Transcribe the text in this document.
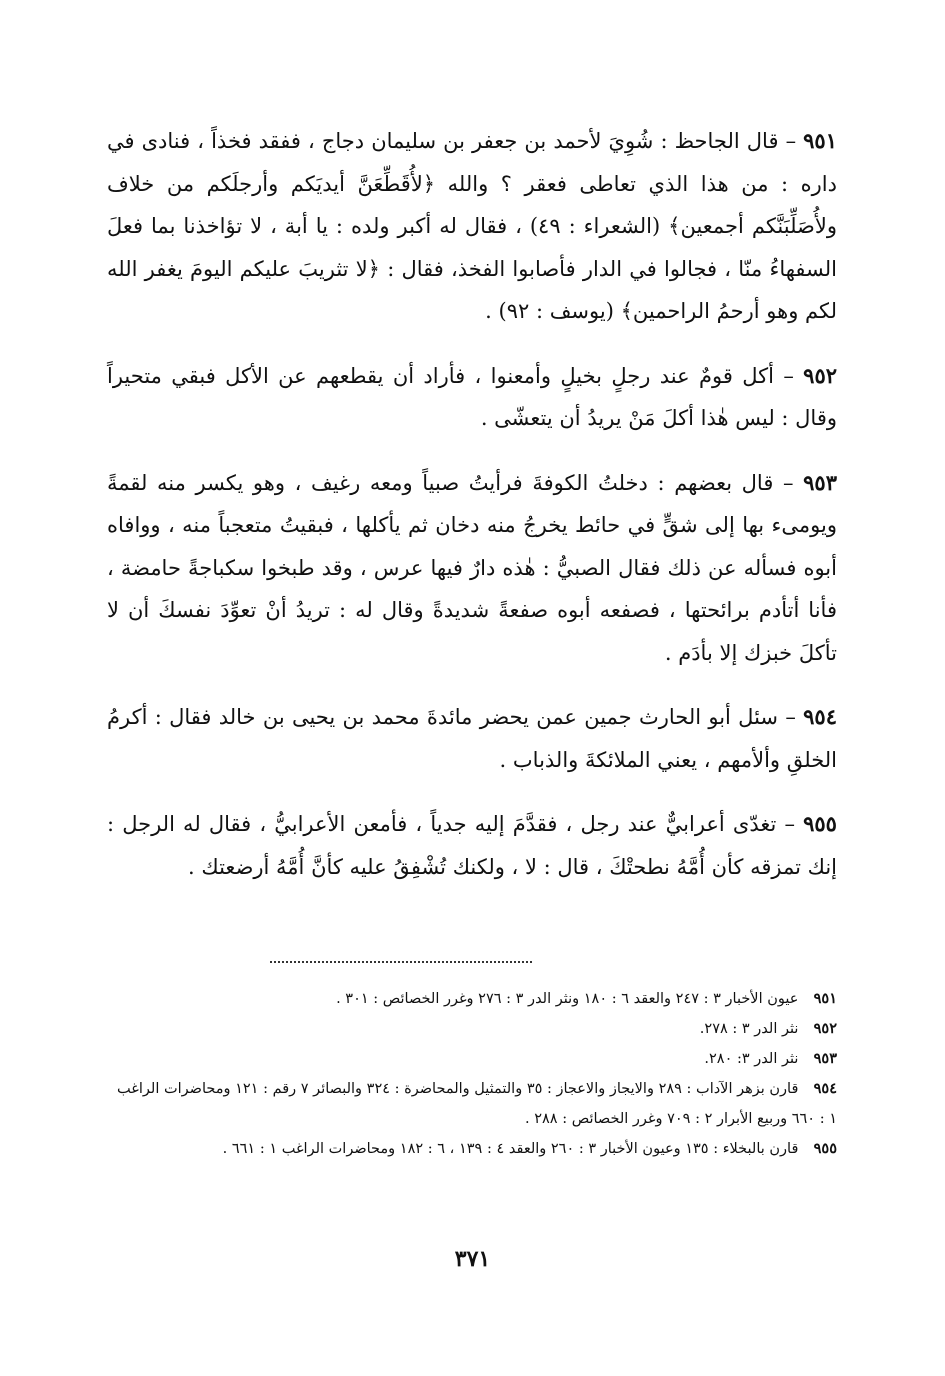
٩٥١ – قال الجاحظ : شُوِيَ لأحمد بن جعفر بن سليمان دجاج ، ففقد فخذاً ، فنادى في داره : من هذا الذي تعاطى فعقر ؟ والله ﴿لأُقَطِّعَنَّ أيديَكم وأرجلَكم من خلاف ولأُصَلِّبَنَّكم أجمعين﴾ (الشعراء : ٤٩) ، فقال له أكبر ولده : يا أبة ، لا تؤاخذنا بما فعلَ السفهاءُ منّا ، فجالوا في الدار فأصابوا الفخذ، فقال : ﴿لا تثريبَ عليكم اليومَ يغفر الله لكم وهو أرحمُ الراحمين﴾ (يوسف : ٩٢) .

٩٥٢ – أكل قومٌ عند رجلٍ بخيلٍ وأمعنوا ، فأراد أن يقطعهم عن الأكل فبقي متحيراً وقال : ليس هٰذا أكلَ مَنْ يريدُ أن يتعشّى .

٩٥٣ – قال بعضهم : دخلتُ الكوفةَ فرأيتُ صبياً ومعه رغيف ، وهو يكسر منه لقمةً ويومىء بها إلى شقٍّ في حائط يخرجُ منه دخان ثم يأكلها ، فبقيتُ متعجباً منه ، ووافاه أبوه فسأله عن ذلك فقال الصبيُّ : هٰذه دارٌ فيها عرس ، وقد طبخوا سكباجةً حامضة ، فأنا أتأدم برائحتها ، فصفعه أبوه صفعةً شديدةً وقال له : تريدُ أنْ تعوِّدَ نفسكَ أن لا تأكلَ خبزك إلا بأدَم .

٩٥٤ – سئل أبو الحارث جمين عمن يحضر مائدةَ محمد بن يحيى بن خالد فقال : أكرمُ الخلقِ وألأمهم ، يعني الملائكةَ والذباب .

٩٥٥ – تغدّى أعرابيٌّ عند رجل ، فقدَّمَ إليه جدياً ، فأمعن الأعرابيُّ ، فقال له الرجل : إنك تمزقه كأن أُمَّهُ نطحتْكَ ، قال : لا ، ولكنك تُشْفِقُ عليه كأنَّ أُمَّهُ أرضعتك .

٩٥١ عيون الأخبار ٣ : ٢٤٧ والعقد ٦ : ١٨٠ ونثر الدر ٣ : ٢٧٦ وغرر الخصائص : ٣٠١ .

٩٥٢ نثر الدر ٣ : ٢٧٨.

٩٥٣ نثر الدر ٣: ٢٨٠.

٩٥٤ قارن بزهر الآداب : ٢٨٩ والايجاز والاعجاز : ٣٥ والتمثيل والمحاضرة : ٣٢٤ والبصائر ٧ رقم : ١٢١ ومحاضرات الراغب ١ : ٦٦٠ وربيع الأبرار ٢ : ٧٠٩ وغرر الخصائص : ٢٨٨ .

٩٥٥ قارن بالبخلاء : ١٣٥ وعيون الأخبار ٣ : ٢٦٠ والعقد ٤ : ١٣٩ ، ٦ : ١٨٢ ومحاضرات الراغب ١ : ٦٦١ .

٣٧١
